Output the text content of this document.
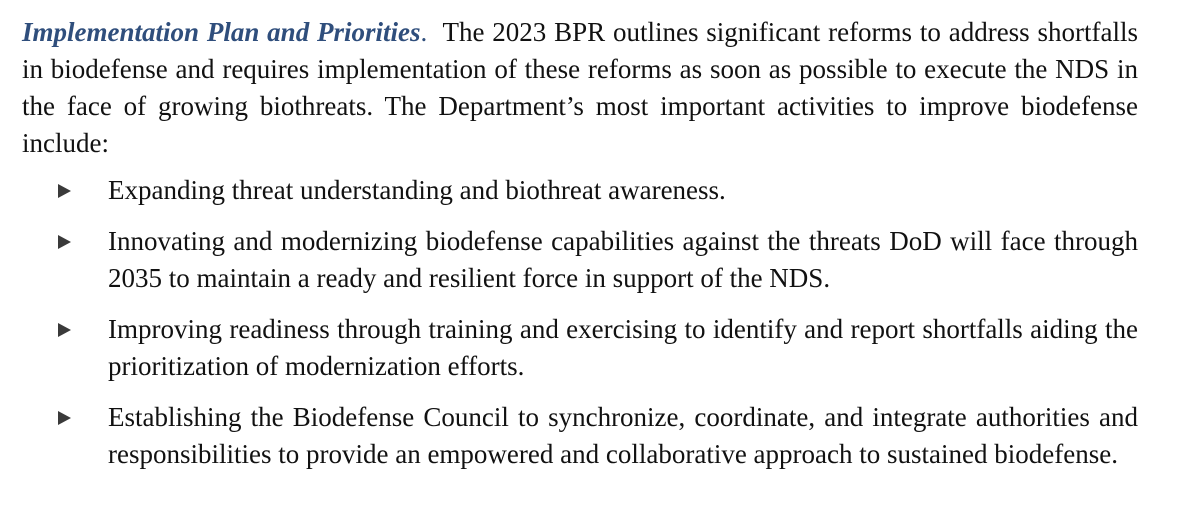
Implementation Plan and Priorities. The 2023 BPR outlines significant reforms to address shortfalls in biodefense and requires implementation of these reforms as soon as possible to execute the NDS in the face of growing biothreats. The Department’s most important activities to improve biodefense include:

Expanding threat understanding and biothreat awareness.
Innovating and modernizing biodefense capabilities against the threats DoD will face through 2035 to maintain a ready and resilient force in support of the NDS.
Improving readiness through training and exercising to identify and report shortfalls aiding the prioritization of modernization efforts.
Establishing the Biodefense Council to synchronize, coordinate, and integrate authorities and responsibilities to provide an empowered and collaborative approach to sustained biodefense.
